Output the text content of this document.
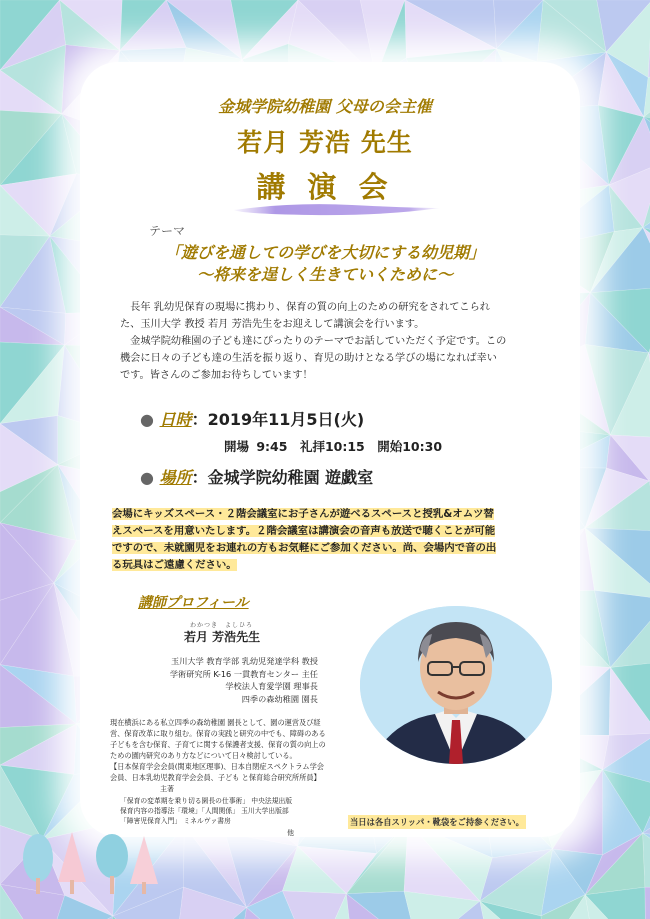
金城学院幼稚園 父母の会主催
若月 芳浩 先生
講 演 会
テーマ
「遊びを通しての学びを大切にする幼児期」
～将来を逞しく生きていくために～
　長年 乳幼児保育の現場に携わり、保育の質の向上のための研究をされてこられ
た、玉川大学 教授 若月 芳浩先生をお迎えして講演会を行います。
　金城学院幼稚園の子ども達にぴったりのテーマでお話していただく予定です。この
機会に日々の子ども達の生活を振り返り、育児の助けとなる学びの場になれば幸い
です。皆さんのご参加お待ちしています！
● 日時：2019年11月5日(火)
開場 9:45　礼拝10:15　開始10:30
● 場所：金城学院幼稚園 遊戯室
会場にキッズスペース・２階会議室にお子さんが遊べるスペースと授乳&オムツ替
えスペースを用意いたします。２階会議室は講演会の音声も放送で聴くことが可能
ですので、未就園児をお連れの方もお気軽にご参加ください。尚、会場内で音の出
る玩具はご遠慮ください。
講師プロフィール
わかつき　よしひろ
若月 芳浩先生
玉川大学 教育学部 乳幼児発達学科 教授
学術研究所 K-16 一貫教育センター 主任
学校法人育愛学園 理事長
四季の森幼稚園 園長
現在横浜にある私立四季の森幼稚園 園長として、園の運営及び経
営、保育改革に取り組む。保育の実践と研究の中でも、障碍のある
子どもを含む保育、子育てに関する保護者支援、保育の質の向上の
ための園内研究のあり方などについて日々検討している。
【日本保育学会会員(関東地区理事)、日本自閉症スペクトラム学会
会員、日本乳幼児教育学会会員、子ども と保育総合研究所所員】
主著
「保育の変革期を乗り切る園長の仕事術」 中央法規出版
保育内容の指導法「環境」「人間関係」 玉川大学出版部
「障害児保育入門」 ミネルヴァ書房
他
当日は各自スリッパ・靴袋をご持参ください。
